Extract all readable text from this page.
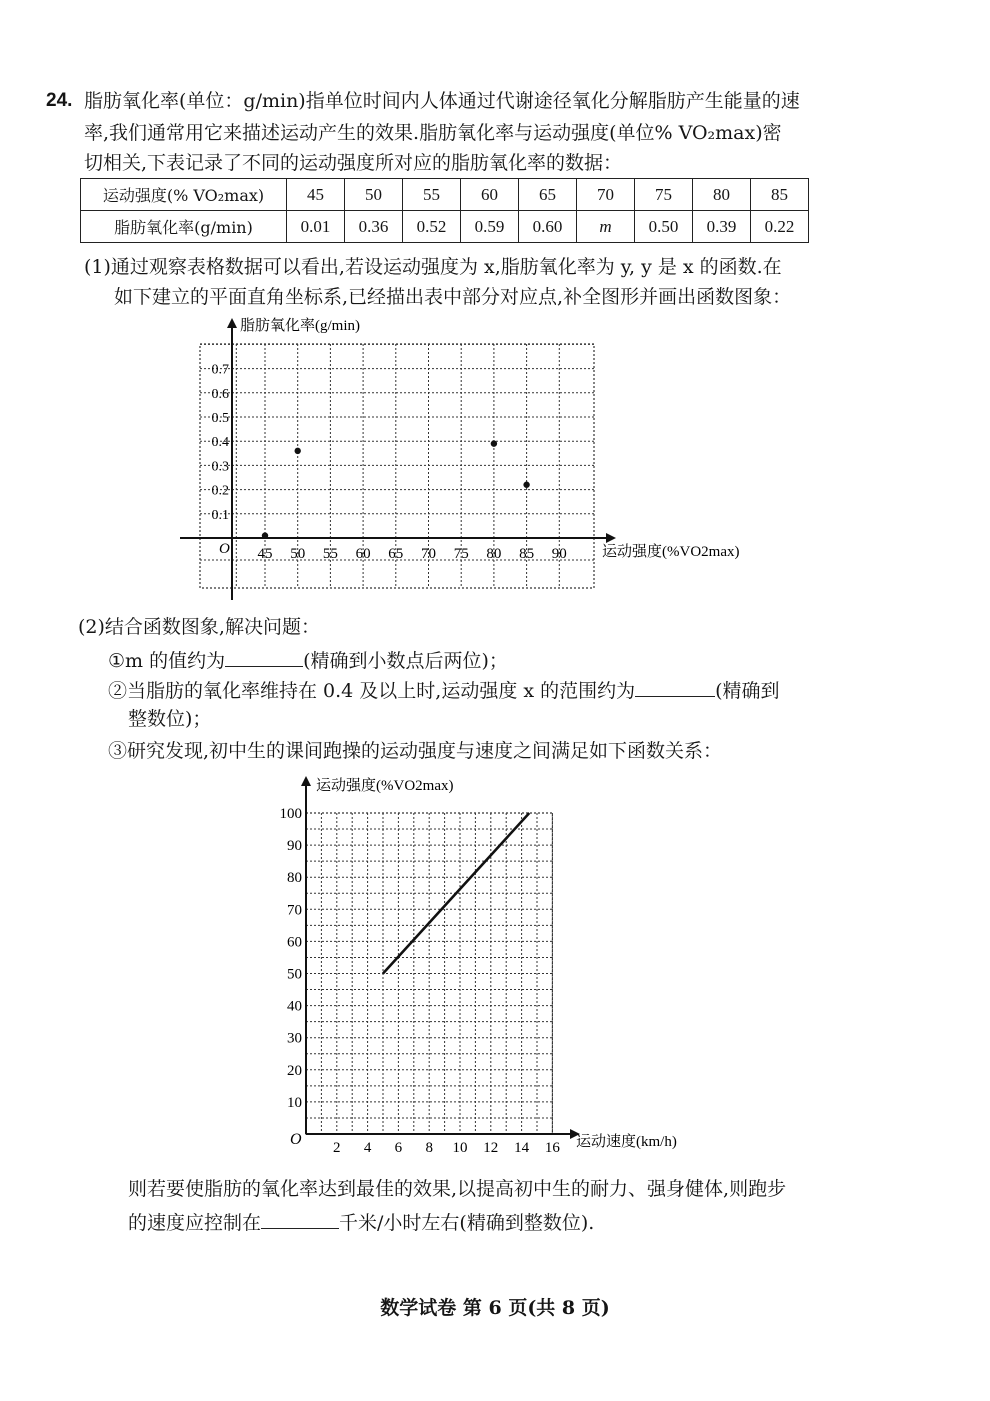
24. 脂肪氧化率(单位：g/min)指单位时间内人体通过代谢途径氧化分解脂肪产生能量的速
率,我们通常用它来描述运动产生的效果.脂肪氧化率与运动强度(单位% VO₂max)密
切相关,下表记录了不同的运动强度所对应的脂肪氧化率的数据：
运动强度(% VO₂max)	45	50	55	60	65	70	75	80	85
脂肪氧化率(g/min)	0.01	0.36	0.52	0.59	0.60	m	0.50	0.39	0.22
(1)通过观察表格数据可以看出,若设运动强度为 x,脂肪氧化率为 y, y 是 x 的函数.在
如下建立的平面直角坐标系,已经描出表中部分对应点,补全图形并画出函数图象：
45 50 55 60 65 70 75 80 85 90
0.1
0.2
0.3
0.4
0.5
0.6
0.7
脂肪氧化率(g/min)
运动强度(%VO2max)
O
(2)结合函数图象,解决问题：
①m 的值约为	(精确到小数点后两位)；
②当脂肪的氧化率维持在 0.4 及以上时,运动强度 x 的范围约为	(精确到
整数位)；
③研究发现,初中生的课间跑操的运动强度与速度之间满足如下函数关系：
2 4 6 8 10 12 14 16
10
20
30
40
50
60
70
80
90
100
运动强度(%VO2max)
运动速度(km/h)
O
则若要使脂肪的氧化率达到最佳的效果,以提高初中生的耐力、强身健体,则跑步
的速度应控制在	千米/小时左右(精确到整数位).
数学试卷 第 6 页(共 8 页)
